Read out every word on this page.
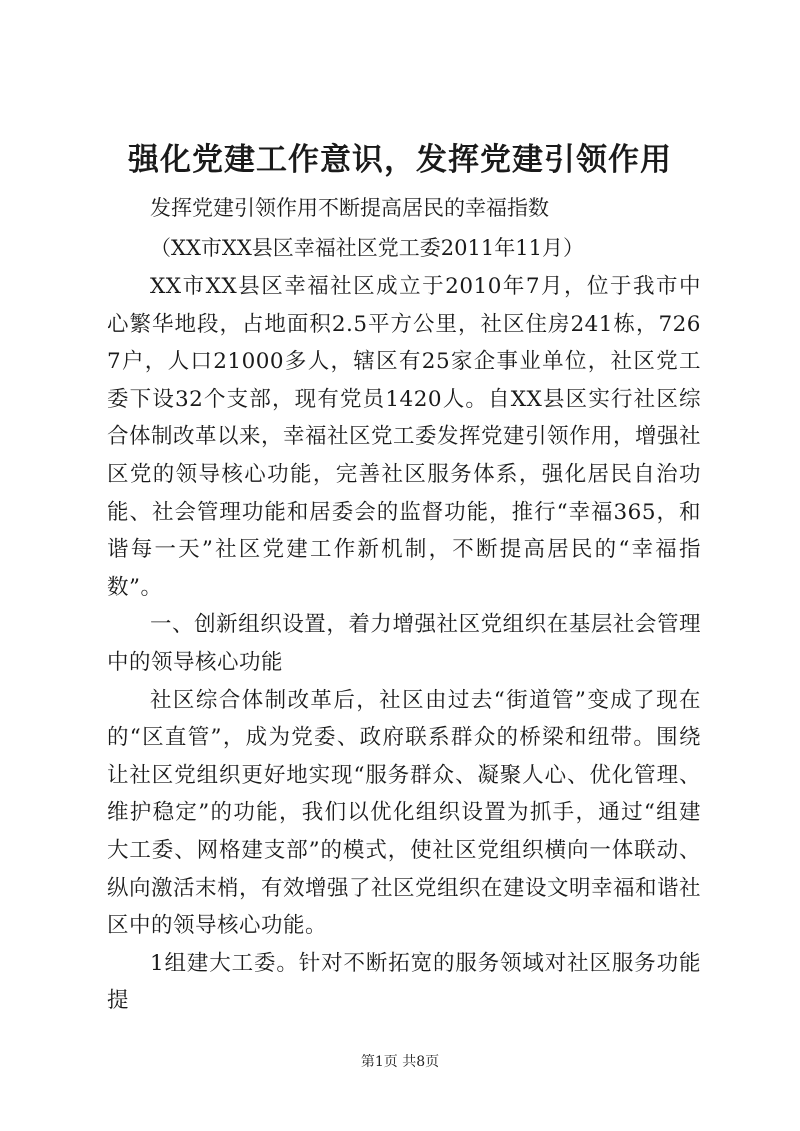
强化党建工作意识，发挥党建引领作用
发挥党建引领作用不断提高居民的幸福指数
（XX市XX县区幸福社区党工委2011年11月）

XX市XX县区幸福社区成立于2010年7月，位于我市中心繁华地段，占地面积2.5平方公里，社区住房241栋，7267户，人口21000多人，辖区有25家企事业单位，社区党工委下设32个支部，现有党员1420人。自XX县区实行社区综合体制改革以来，幸福社区党工委发挥党建引领作用，增强社区党的领导核心功能，完善社区服务体系，强化居民自治功能、社会管理功能和居委会的监督功能，推行“幸福365，和谐每一天”社区党建工作新机制，不断提高居民的“幸福指数”。

一、创新组织设置，着力增强社区党组织在基层社会管理中的领导核心功能

社区综合体制改革后，社区由过去“街道管”变成了现在的“区直管”，成为党委、政府联系群众的桥梁和纽带。围绕让社区党组织更好地实现“服务群众、凝聚人心、优化管理、维护稳定”的功能，我们以优化组织设置为抓手，通过“组建大工委、网格建支部”的模式，使社区党组织横向一体联动、纵向激活末梢，有效增强了社区党组织在建设文明幸福和谐社区中的领导核心功能。

1组建大工委。针对不断拓宽的服务领域对社区服务功能提

第1页 共8页
